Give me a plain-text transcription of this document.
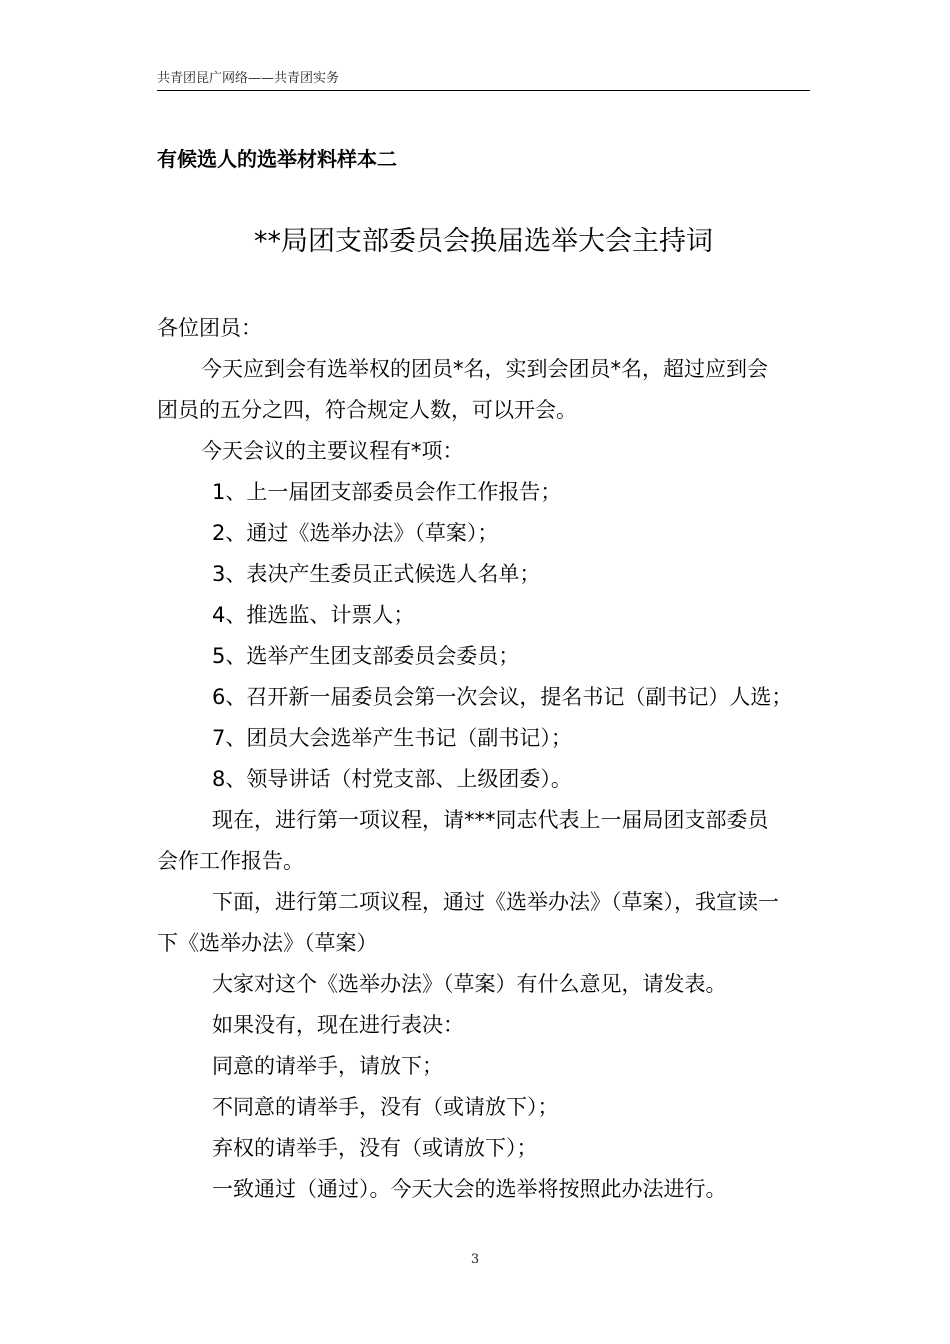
共青团昆广网络——共青团实务
有候选人的选举材料样本二
**局团支部委员会换届选举大会主持词

各位团员：

今天应到会有选举权的团员*名，实到会团员*名，超过应到会

团员的五分之四，符合规定人数，可以开会。

今天会议的主要议程有*项：

1、上一届团支部委员会作工作报告；

2、通过《选举办法》（草案）；

3、表决产生委员正式候选人名单；

4、推选监、计票人；

5、选举产生团支部委员会委员；

6、召开新一届委员会第一次会议，提名书记（副书记）人选；

7、团员大会选举产生书记（副书记）；

8、领导讲话（村党支部、上级团委）。

现在，进行第一项议程，请***同志代表上一届局团支部委员

会作工作报告。

下面，进行第二项议程，通过《选举办法》（草案），我宣读一

下《选举办法》（草案）

大家对这个《选举办法》（草案）有什么意见，请发表。

如果没有，现在进行表决：

同意的请举手，请放下；

不同意的请举手，没有（或请放下）；

弃权的请举手，没有（或请放下）；

一致通过（通过）。今天大会的选举将按照此办法进行。

3
